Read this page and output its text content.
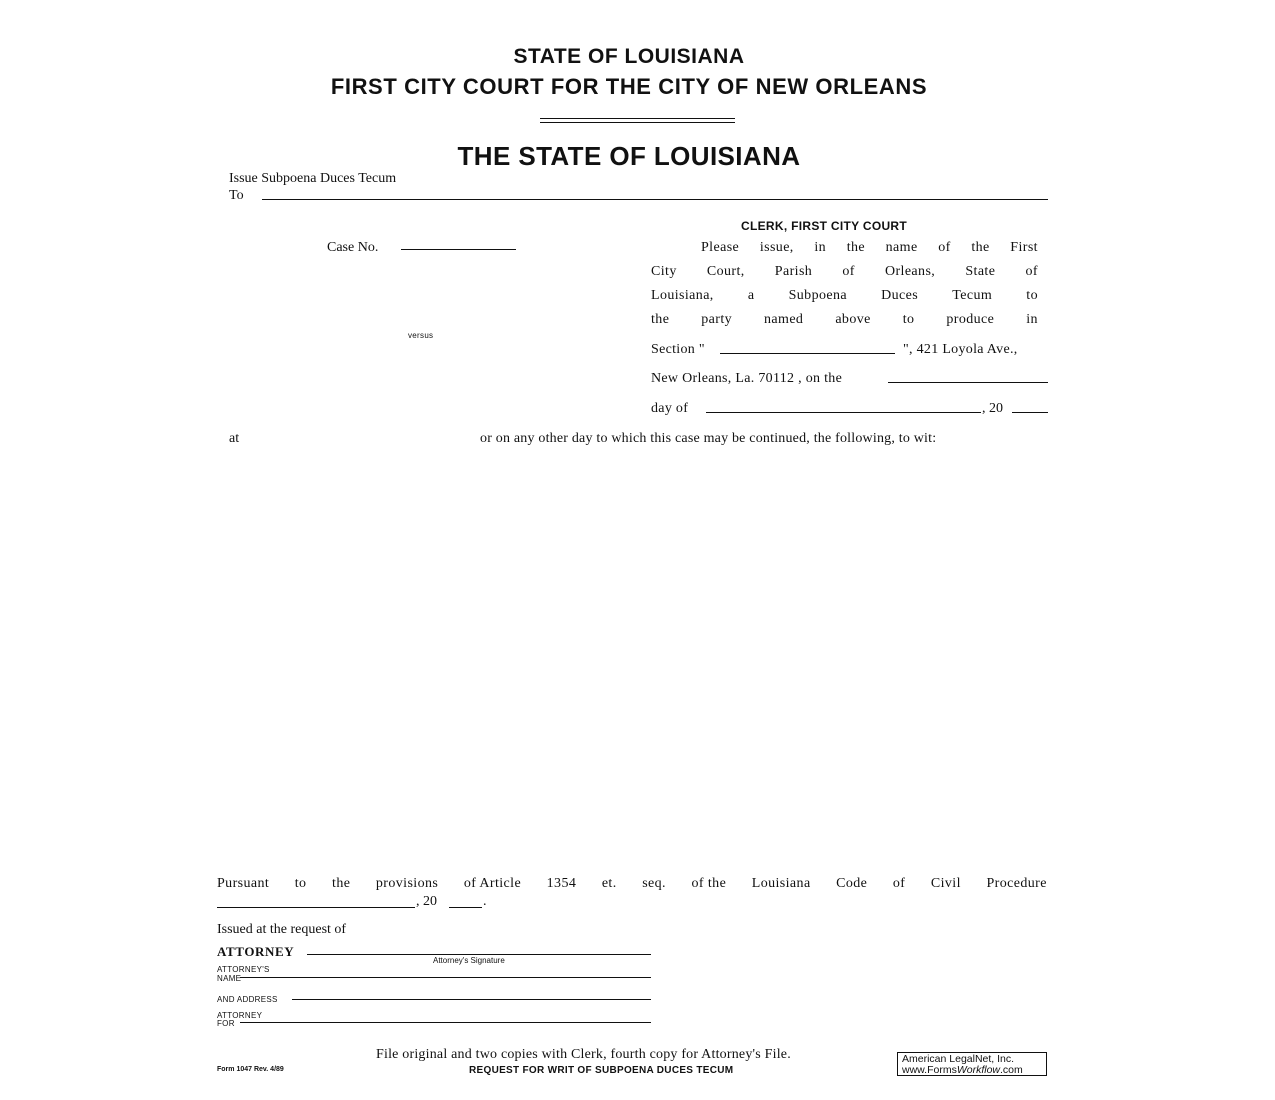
STATE OF LOUISIANA
FIRST CITY COURT FOR THE CITY OF NEW ORLEANS
THE STATE OF LOUISIANA
Issue Subpoena Duces Tecum
To
Case No.
versus
CLERK, FIRST CITY COURT
Please issue, in the name of the First
City Court, Parish of Orleans, State of
Louisiana, a Subpoena Duces Tecum to
the party named above to produce in
Section "	", 421 Loyola Ave.,
New Orleans, La. 70112 , on the
day of	, 20
at	or on any other day to which this case may be continued, the following, to wit:
Pursuant to the provisions of Article 1354 et. seq. of the Louisiana Code of Civil Procedure
, 20	.
Issued at the request of
ATTORNEY
Attorney's Signature
ATTORNEY'S
NAME
AND ADDRESS
ATTORNEY
FOR
File original and two copies with Clerk, fourth copy for Attorney's File.
Form 1047 Rev. 4/89	REQUEST FOR WRIT OF SUBPOENA DUCES TECUM
American LegalNet, Inc.
www.FormsWorkflow.com
